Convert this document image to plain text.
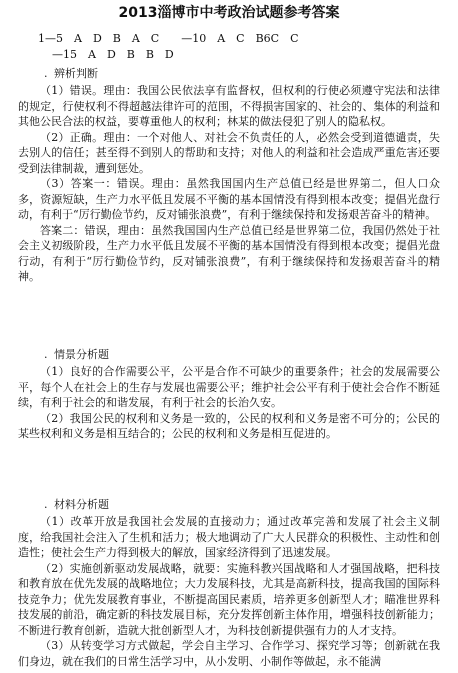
2013淄博市中考政治试题参考答案
1—5　A　D　B　A　C —10　A　C　B6C　C
—15　A　D　B　B　D
. 辨析判断

（1）错误。理由：我国公民依法享有监督权，但权利的行使必须遵守宪法和法律的规定，行使权利不得超越法律许可的范围，不得损害国家的、社会的、集体的利益和其他公民合法的权益，要尊重他人的权利；林某的做法侵犯了别人的隐私权。

（2）正确。理由：一个对他人、对社会不负责任的人，必然会受到道德谴责，失去别人的信任；甚至得不到别人的帮助和支持；对他人的利益和社会造成严重危害还要受到法律制裁，遭到惩处。

（3）答案一：错误。理由：虽然我国国内生产总值已经是世界第二，但人口众多，资源短缺，生产力水平低且发展不平衡的基本国情没有得到根本改变；提倡光盘行动，有利于“厉行勤俭节约，反对铺张浪费”，有利于继续保持和发扬艰苦奋斗的精神。

答案二：错误，理由：虽然我国国内生产总值已经是世界第二位，我国仍然处于社会主义初级阶段，生产力水平低且发展不平衡的基本国情没有得到根本改变；提倡光盘行动，有利于“厉行勤俭节约，反对铺张浪费”，有利于继续保持和发扬艰苦奋斗的精神。

. 情景分析题

（1）良好的合作需要公平，公平是合作不可缺少的重要条件；社会的发展需要公平，每个人在社会上的生存与发展也需要公平；维护社会公平有利于使社会合作不断延续，有利于社会的和谐发展，有利于社会的长治久安。

（2）我国公民的权利和义务是一致的，公民的权利和义务是密不可分的；公民的某些权利和义务是相互结合的；公民的权利和义务是相互促进的。

. 材料分析题

（1）改革开放是我国社会发展的直接动力；通过改革完善和发展了社会主义制度，给我国社会注入了生机和活力；极大地调动了广大人民群众的积极性、主动性和创造性；使社会生产力得到极大的解放，国家经济得到了迅速发展。

（2）实施创新驱动发展战略，就要：实施科教兴国战略和人才强国战略，把科技和教育放在优先发展的战略地位；大力发展科技，尤其是高新科技，提高我国的国际科技竞争力；优先发展教育事业，不断提高国民素质，培养更多创新型人才；瞄准世界科技发展的前沿，确定新的科技发展目标，充分发挥创新主体作用，增强科技创新能力；不断进行教育创新，造就大批创新型人才，为科技创新提供强有力的人才支持。

（3）从转变学习方式做起，学会自主学习、合作学习、探究学习等；创新就在我们身边，就在我们的日常生活学习中，从小发明、小制作等做起，永不能满
